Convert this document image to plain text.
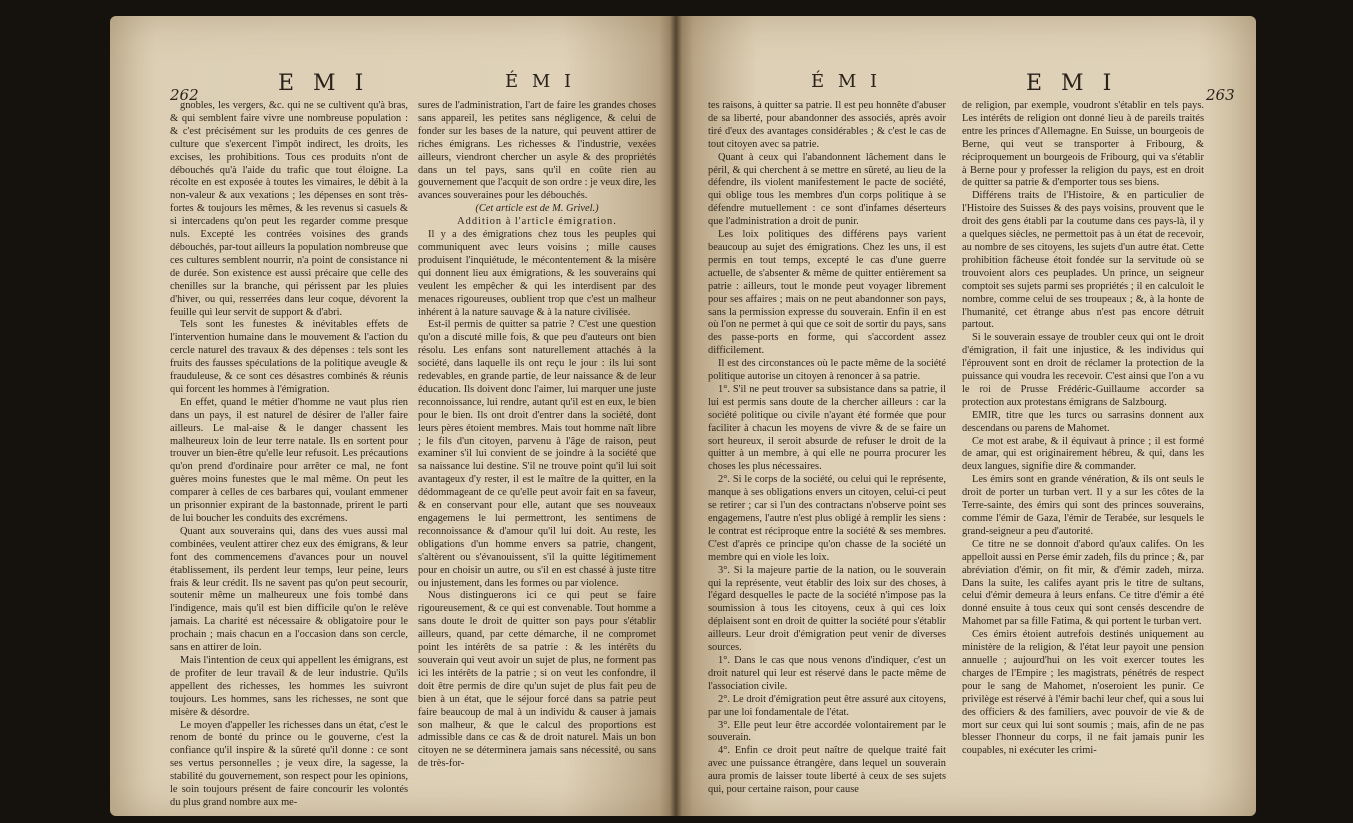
262	E M I	É M I

gnobles, les vergers, &c. qui ne se cultivent qu'à bras, & qui semblent faire vivre une nombreuse population : & c'est précisément sur les produits de ces genres de culture que s'exercent l'impôt indirect, les droits, les excises, les prohibitions. Tous ces produits n'ont de débouchés qu'à l'aide du trafic que tout éloigne. La récolte en est exposée à toutes les vimaires, le débit à la non-valeur & aux vexations ; les dépenses en sont très-fortes & toujours les mêmes, & les revenus si casuels & si intercadens qu'on peut les regarder comme presque nuls. Excepté les contrées voisines des grands débouchés, par-tout ailleurs la population nombreuse que ces cultures semblent nourrir, n'a point de consistance ni de durée. Son existence est aussi précaire que celle des chenilles sur la branche, qui périssent par les pluies d'hiver, ou qui, resserrées dans leur coque, dévorent la feuille qui leur servit de support & d'abri.

Tels sont les funestes & inévitables effets de l'intervention humaine dans le mouvement & l'action du cercle naturel des travaux & des dépenses : tels sont les fruits des fausses spéculations de la politique aveugle & frauduleuse, & ce sont ces désastres combinés & réunis qui forcent les hommes à l'émigration.

En effet, quand le métier d'homme ne vaut plus rien dans un pays, il est naturel de désirer de l'aller faire ailleurs. Le mal-aise & le danger chassent les malheureux loin de leur terre natale. Ils en sortent pour trouver un bien-être qu'elle leur refusoit. Les précautions qu'on prend d'ordinaire pour arrêter ce mal, ne font guères moins funestes que le mal même. On peut les comparer à celles de ces barbares qui, voulant emmener un prisonnier expirant de la bastonnade, prirent le parti de lui boucher les conduits des excrémens.

Quant aux souverains qui, dans des vues aussi mal combinées, veulent attirer chez eux des émigrans, & leur font des commencemens d'avances pour un nouvel établissement, ils perdent leur temps, leur peine, leurs frais & leur crédit. Ils ne savent pas qu'on peut secourir, soutenir même un malheureux une fois tombé dans l'indigence, mais qu'il est bien difficile qu'on le relève jamais. La charité est nécessaire & obligatoire pour le prochain ; mais chacun en a l'occasion dans son cercle, sans en attirer de loin.

Mais l'intention de ceux qui appellent les émigrans, est de profiter de leur travail & de leur industrie. Qu'ils appellent des richesses, les hommes les suivront toujours. Les hommes, sans les richesses, ne sont que misère & désordre.

Le moyen d'appeller les richesses dans un état, c'est le renom de bonté du prince ou le gouverne, c'est la confiance qu'il inspire & la sûreté qu'il donne : ce sont ses vertus personnelles ; je veux dire, la sagesse, la stabilité du gouvernement, son respect pour les opinions, le soin toujours présent de faire concourir les volontés du plus grand nombre aux me-

sures de l'administration, l'art de faire les grandes choses sans appareil, les petites sans négligence, & celui de fonder sur les bases de la nature, qui peuvent attirer de riches émigrans. Les richesses & l'industrie, vexées ailleurs, viendront chercher un asyle & des propriétés dans un tel pays, sans qu'il en coûte rien au gouvernement que l'acquit de son ordre : je veux dire, les avances souveraines pour les débouchés.

(Cet article est de M. Grivel.)

Addition à l'article émigration.

Il y a des émigrations chez tous les peuples qui communiquent avec leurs voisins ; mille causes produisent l'inquiétude, le mécontentement & la misère qui donnent lieu aux émigrations, & les souverains qui veulent les empêcher & qui les interdisent par des menaces rigoureuses, oublient trop que c'est un malheur inhérent à la nature sauvage & à la nature civilisée.

Est-il permis de quitter sa patrie ? C'est une question qu'on a discuté mille fois, & que peu d'auteurs ont bien résolu. Les enfans sont naturellement attachés à la société, dans laquelle ils ont reçu le jour : ils lui sont redevables, en grande partie, de leur naissance & de leur éducation. Ils doivent donc l'aimer, lui marquer une juste reconnoissance, lui rendre, autant qu'il est en eux, le bien pour le bien. Ils ont droit d'entrer dans la société, dont leurs pères étoient membres. Mais tout homme naît libre ; le fils d'un citoyen, parvenu à l'âge de raison, peut examiner s'il lui convient de se joindre à la société que sa naissance lui destine. S'il ne trouve point qu'il lui soit avantageux d'y rester, il est le maître de la quitter, en la dédommageant de ce qu'elle peut avoir fait en sa faveur, & en conservant pour elle, autant que ses nouveaux engagemens le lui permettront, les sentimens de reconnoissance & d'amour qu'il lui doit. Au reste, les obligations d'un homme envers sa patrie, changent, s'altèrent ou s'évanouissent, s'il la quitte légitimement pour en choisir un autre, ou s'il en est chassé à juste titre ou injustement, dans les formes ou par violence.

Nous distinguerons ici ce qui peut se faire rigoureusement, & ce qui est convenable. Tout homme a sans doute le droit de quitter son pays pour s'établir ailleurs, quand, par cette démarche, il ne compromet point les intérêts de sa patrie : & les intérêts du souverain qui veut avoir un sujet de plus, ne forment pas ici les intérêts de la patrie ; si on veut les confondre, il doit être permis de dire qu'un sujet de plus fait peu de bien à un état, que le séjour forcé dans sa patrie peut faire beaucoup de mal à un individu & causer à jamais son malheur, & que le calcul des proportions est admissible dans ce cas & de droit naturel. Mais un bon citoyen ne se déterminera jamais sans nécessité, ou sans de très-for-

É M I	E M I	263

tes raisons, à quitter sa patrie. Il est peu honnête d'abuser de sa liberté, pour abandonner des associés, après avoir tiré d'eux des avantages considérables ; & c'est le cas de tout citoyen avec sa patrie.

Quant à ceux qui l'abandonnent lâchement dans le péril, & qui cherchent à se mettre en sûreté, au lieu de la défendre, ils violent manifestement le pacte de société, qui oblige tous les membres d'un corps politique à se défendre mutuellement : ce sont d'infames déserteurs que l'administration a droit de punir.

Les loix politiques des différens pays varient beaucoup au sujet des émigrations. Chez les uns, il est permis en tout temps, excepté le cas d'une guerre actuelle, de s'absenter & même de quitter entièrement sa patrie : ailleurs, tout le monde peut voyager librement pour ses affaires ; mais on ne peut abandonner son pays, sans la permission expresse du souverain. Enfin il en est où l'on ne permet à qui que ce soit de sortir du pays, sans des passe-ports en forme, qui s'accordent assez difficilement.

Il est des circonstances où le pacte même de la société politique autorise un citoyen à renoncer à sa patrie.

1°. S'il ne peut trouver sa subsistance dans sa patrie, il lui est permis sans doute de la chercher ailleurs : car la société politique ou civile n'ayant été formée que pour faciliter à chacun les moyens de vivre & de se faire un sort heureux, il seroit absurde de refuser le droit de la quitter à un membre, à qui elle ne pourra procurer les choses les plus nécessaires.

2°. Si le corps de la société, ou celui qui le représente, manque à ses obligations envers un citoyen, celui-ci peut se retirer ; car si l'un des contractans n'observe point ses engagemens, l'autre n'est plus obligé à remplir les siens : le contrat est réciproque entre la société & ses membres. C'est d'après ce principe qu'on chasse de la société un membre qui en viole les loix.

3°. Si la majeure partie de la nation, ou le souverain qui la représente, veut établir des loix sur des choses, à l'égard desquelles le pacte de la société n'impose pas la soumission à tous les citoyens, ceux à qui ces loix déplaisent sont en droit de quitter la société pour s'établir ailleurs. Leur droit d'émigration peut venir de diverses sources.

1°. Dans le cas que nous venons d'indiquer, c'est un droit naturel qui leur est réservé dans le pacte même de l'association civile.

2°. Le droit d'émigration peut être assuré aux citoyens, par une loi fondamentale de l'état.

3°. Elle peut leur être accordée volontairement par le souverain.

4°. Enfin ce droit peut naître de quelque traité fait avec une puissance étrangère, dans lequel un souverain aura promis de laisser toute liberté à ceux de ses sujets qui, pour certaine raison, pour cause

de religion, par exemple, voudront s'établir en tels pays. Les intérêts de religion ont donné lieu à de pareils traités entre les princes d'Allemagne. En Suisse, un bourgeois de Berne, qui veut se transporter à Fribourg, & réciproquement un bourgeois de Fribourg, qui va s'établir à Berne pour y professer la religion du pays, est en droit de quitter sa patrie & d'emporter tous ses biens.

Différens traits de l'Histoire, & en particulier de l'Histoire des Suisses & des pays voisins, prouvent que le droit des gens établi par la coutume dans ces pays-là, il y a quelques siècles, ne permettoit pas à un état de recevoir, au nombre de ses citoyens, les sujets d'un autre état. Cette prohibition fâcheuse étoit fondée sur la servitude où se trouvoient alors ces peuplades. Un prince, un seigneur comptoit ses sujets parmi ses propriétés ; il en calculoit le nombre, comme celui de ses troupeaux ; &, à la honte de l'humanité, cet étrange abus n'est pas encore détruit partout.

Si le souverain essaye de troubler ceux qui ont le droit d'émigration, il fait une injustice, & les individus qui l'éprouvent sont en droit de réclamer la protection de la puissance qui voudra les recevoir. C'est ainsi que l'on a vu le roi de Prusse Frédéric-Guillaume accorder sa protection aux protestans émigrans de Salzbourg.

EMIR, titre que les turcs ou sarrasins donnent aux descendans ou parens de Mahomet.

Ce mot est arabe, & il équivaut à prince ; il est formé de amar, qui est originairement hébreu, & qui, dans les deux langues, signifie dire & commander.

Les émirs sont en grande vénération, & ils ont seuls le droit de porter un turban vert. Il y a sur les côtes de la Terre-sainte, des émirs qui sont des princes souverains, comme l'émir de Gaza, l'émir de Terabée, sur lesquels le grand-seigneur a peu d'autorité.

Ce titre ne se donnoit d'abord qu'aux califes. On les appelloit aussi en Perse émir zadeh, fils du prince ; &, par abréviation d'émir, on fit mir, & d'émir zadeh, mirza. Dans la suite, les califes ayant pris le titre de sultans, celui d'émir demeura à leurs enfans. Ce titre d'émir a été donné ensuite à tous ceux qui sont censés descendre de Mahomet par sa fille Fatima, & qui portent le turban vert.

Ces émirs étoient autrefois destinés uniquement au ministère de la religion, & l'état leur payoit une pension annuelle ; aujourd'hui on les voit exercer toutes les charges de l'Empire ; les magistrats, pénétrés de respect pour le sang de Mahomet, n'oseroient les punir. Ce privilège est réservé à l'émir bachi leur chef, qui a sous lui des officiers & des familiers, avec pouvoir de vie & de mort sur ceux qui lui sont soumis ; mais, afin de ne pas blesser l'honneur du corps, il ne fait jamais punir les coupables, ni exécuter les crimi-
